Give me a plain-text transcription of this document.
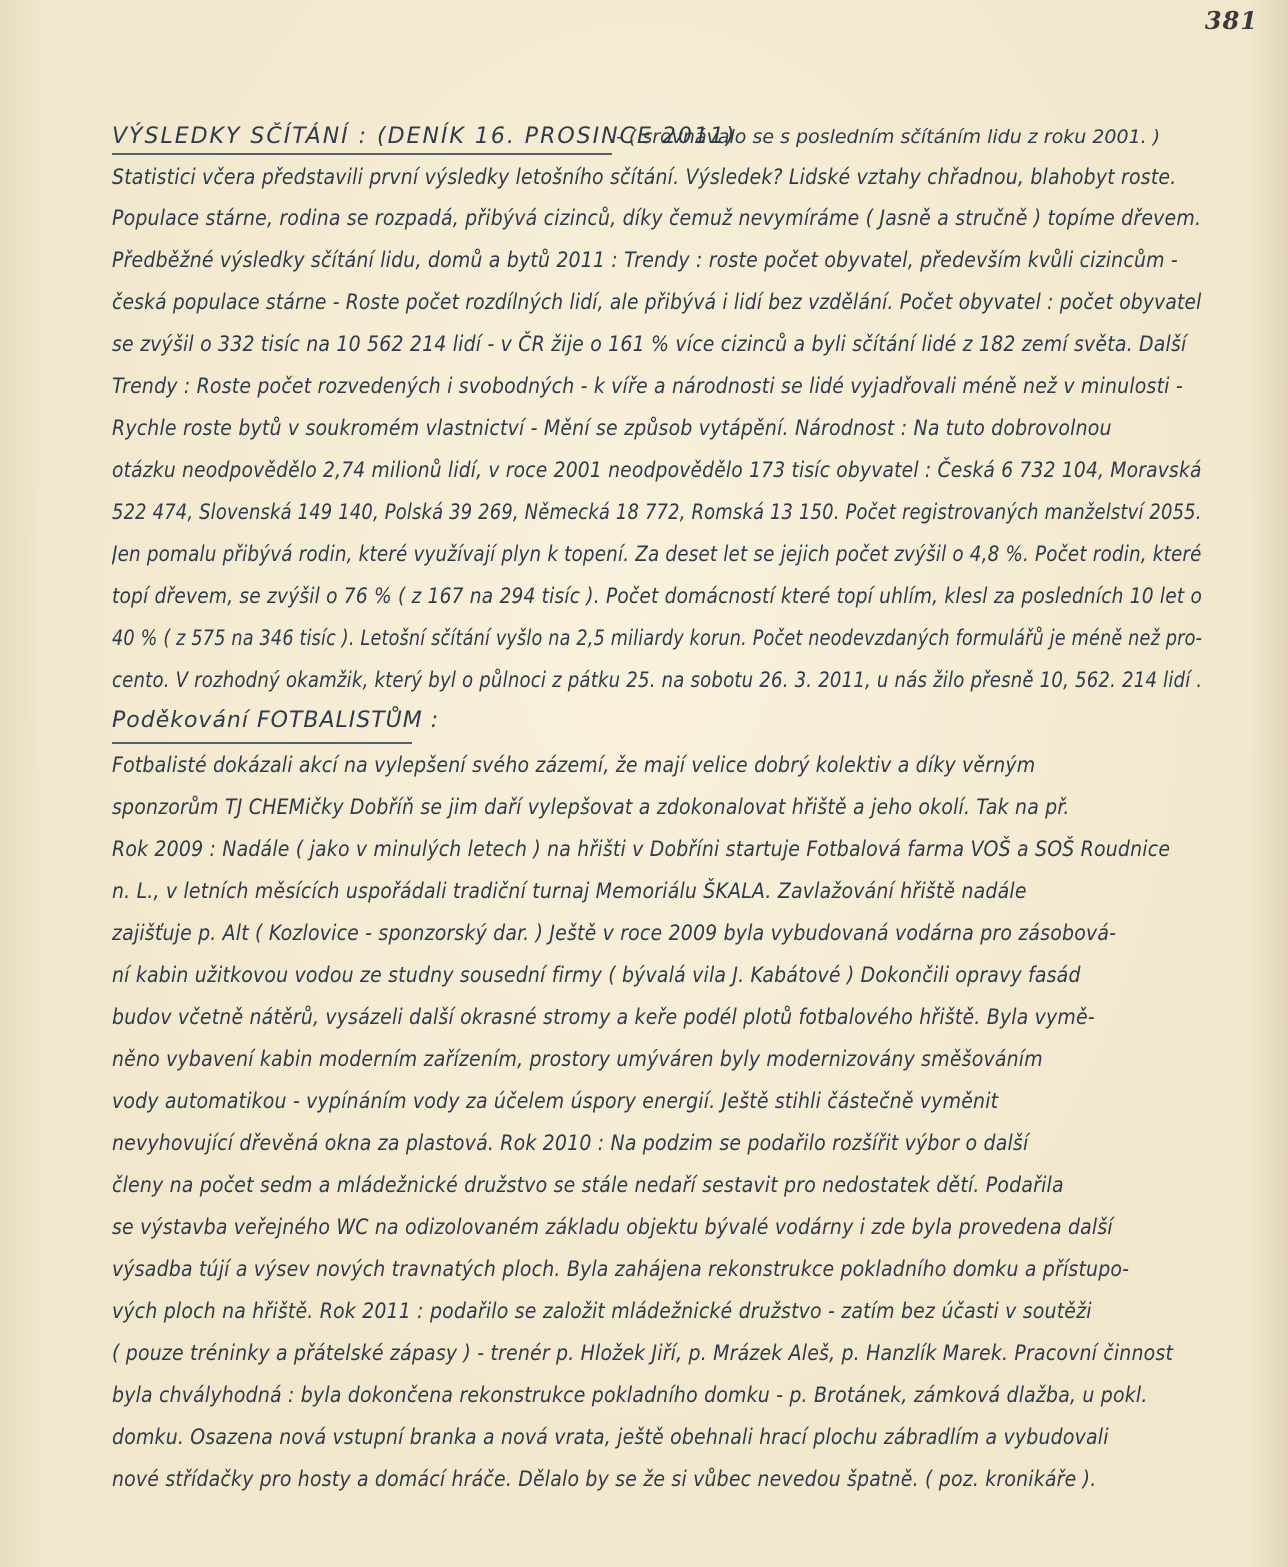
381
VÝSLEDKY SČÍTÁNÍ : (DENÍK 16. PROSINCE 2011)
- ( srovnávalo se s posledním sčítáním lidu z roku 2001. )
Statistici včera představili první výsledky letošního sčítání. Výsledek? Lidské vztahy chřadnou, blahobyt roste.
Populace stárne, rodina se rozpadá, přibývá cizinců, díky čemuž nevymíráme ( Jasně a stručně ) topíme dřevem.
Předběžné výsledky sčítání lidu, domů a bytů 2011 : Trendy : roste počet obyvatel, především kvůli cizincům -
česká populace stárne - Roste počet rozdílných lidí, ale přibývá i lidí bez vzdělání. Počet obyvatel : počet obyvatel
se zvýšil o 332 tisíc na 10 562 214 lidí - v ČR žije o 161 % více cizinců a byli sčítání lidé z 182 zemí světa. Další
Trendy : Roste počet rozvedených i svobodných - k víře a národnosti se lidé vyjadřovali méně než v minulosti -
Rychle roste bytů v soukromém vlastnictví - Mění se způsob vytápění. Národnost : Na tuto dobrovolnou
otázku neodpovědělo 2,74 milionů lidí, v roce 2001 neodpovědělo 173 tisíc obyvatel : Česká 6 732 104, Moravská
522 474, Slovenská 149 140, Polská 39 269, Německá 18 772, Romská 13 150. Počet registrovaných manželství 2055.
Jen pomalu přibývá rodin, které využívají plyn k topení. Za deset let se jejich počet zvýšil o 4,8 %. Počet rodin, které
topí dřevem, se zvýšil o 76 % ( z 167 na 294 tisíc ). Počet domácností které topí uhlím, klesl za posledních 10 let o
40 % ( z 575 na 346 tisíc ). Letošní sčítání vyšlo na 2,5 miliardy korun. Počet neodevzdaných formulářů je méně než pro-
cento. V rozhodný okamžik, který byl o půlnoci z pátku 25. na sobotu 26. 3. 2011, u nás žilo přesně 10, 562. 214 lidí .
Poděkování FOTBALISTŮM :
Fotbalisté dokázali akcí na vylepšení svého zázemí, že mají velice dobrý kolektiv a díky věrným
sponzorům TJ CHEMičky Dobříň se jim daří vylepšovat a zdokonalovat hřiště a jeho okolí. Tak na př.
Rok 2009 : Nadále ( jako v minulých letech ) na hřišti v Dobříni startuje Fotbalová farma VOŠ a SOŠ Roudnice
n. L., v letních měsících uspořádali tradiční turnaj Memoriálu ŠKALA. Zavlažování hřiště nadále
zajišťuje p. Alt ( Kozlovice - sponzorský dar. ) Ještě v roce 2009 byla vybudovaná vodárna pro zásobová-
ní kabin užitkovou vodou ze studny sousední firmy ( bývalá vila J. Kabátové ) Dokončili opravy fasád
budov včetně nátěrů, vysázeli další okrasné stromy a keře podél plotů fotbalového hřiště. Byla vymě-
něno vybavení kabin moderním zařízením, prostory umýváren byly modernizovány směšováním
vody automatikou - vypínáním vody za účelem úspory energií. Ještě stihli částečně vyměnit
nevyhovující dřevěná okna za plastová. Rok 2010 : Na podzim se podařilo rozšířit výbor o další
členy na počet sedm a mládežnické družstvo se stále nedaří sestavit pro nedostatek dětí. Podařila
se výstavba veřejného WC na odizolovaném základu objektu bývalé vodárny i zde byla provedena další
výsadba tújí a výsev nových travnatých ploch. Byla zahájena rekonstrukce pokladního domku a přístupo-
vých ploch na hřiště. Rok 2011 : podařilo se založit mládežnické družstvo - zatím bez účasti v soutěži
( pouze tréninky a přátelské zápasy ) - trenér p. Hložek Jiří, p. Mrázek Aleš, p. Hanzlík Marek. Pracovní činnost
byla chvályhodná : byla dokončena rekonstrukce pokladního domku - p. Brotánek, zámková dlažba, u pokl.
domku. Osazena nová vstupní branka a nová vrata, ještě obehnali hrací plochu zábradlím a vybudovali
nové střídačky pro hosty a domácí hráče. Dělalo by se že si vůbec nevedou špatně. ( poz. kronikáře ).
